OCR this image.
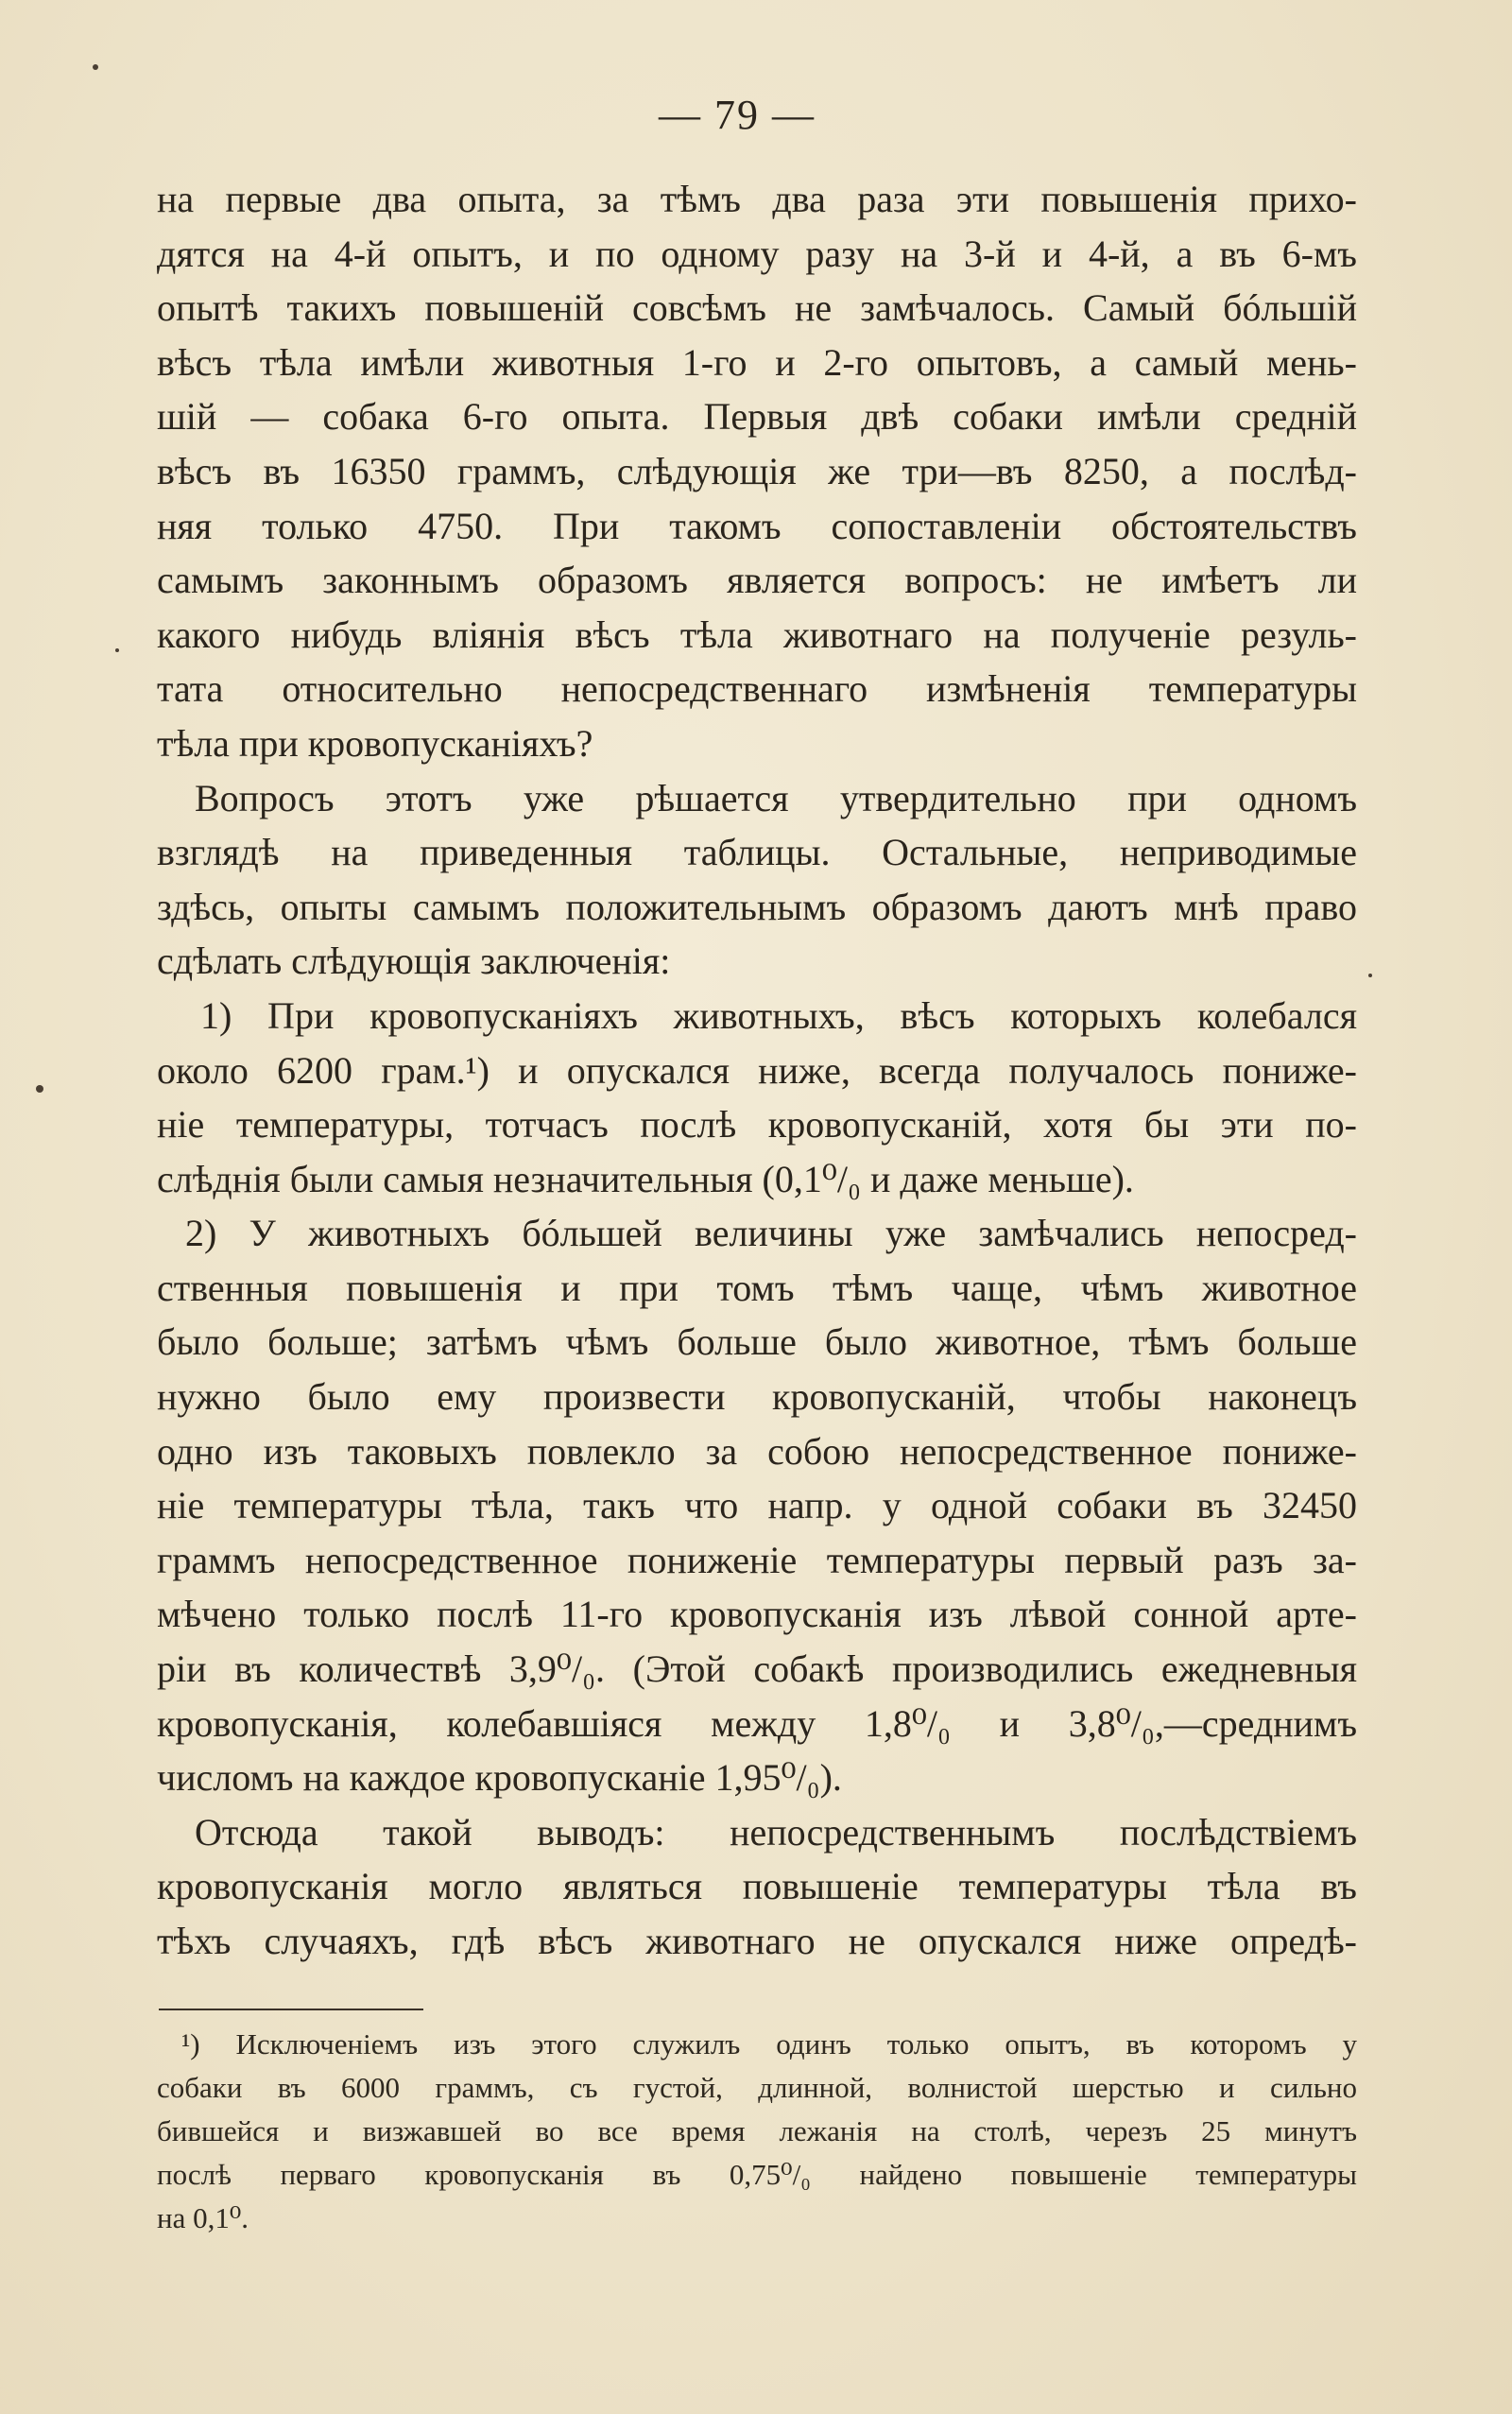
— 79 —
на первые два опыта, за тѣмъ два раза эти повышенія прихо-
дятся на 4-й опытъ, и по одному разу на 3-й и 4-й, а въ 6-мъ
опытѣ такихъ повышеній совсѣмъ не замѣчалось. Самый бóльшій
вѣсъ тѣла имѣли животныя 1-го и 2-го опытовъ, а самый мень-
шій — собака 6-го опыта. Первыя двѣ собаки имѣли средній
вѣсъ въ 16350 граммъ, слѣдующія же три—въ 8250, а послѣд-
няя только 4750. При такомъ сопоставленіи обстоятельствъ
самымъ законнымъ образомъ является вопросъ: не имѣетъ ли
какого нибудь вліянія вѣсъ тѣла животнаго на полученіе резуль-
тата относительно непосредственнаго измѣненія температуры
тѣла при кровопусканіяхъ?
Вопросъ этотъ уже рѣшается утвердительно при одномъ
взглядѣ на приведенныя таблицы. Остальные, неприводимые
здѣсь, опыты самымъ положительнымъ образомъ даютъ мнѣ право
сдѣлать слѣдующія заключенія:
1) При кровопусканіяхъ животныхъ, вѣсъ которыхъ колебался
около 6200 грам.¹) и опускался ниже, всегда получалось пониже-
ніе температуры, тотчасъ послѣ кровопусканій, хотя бы эти по-
слѣднія были самыя незначительныя (0,1⁰/₀ и даже меньше).
2) У животныхъ бóльшей величины уже замѣчались непосред-
ственныя повышенія и при томъ тѣмъ чаще, чѣмъ животное
было больше; затѣмъ чѣмъ больше было животное, тѣмъ больше
нужно было ему произвести кровопусканій, чтобы наконецъ
одно изъ таковыхъ повлекло за собою непосредственное пониже-
ніе температуры тѣла, такъ что напр. у одной собаки въ 32450
граммъ непосредственное пониженіе температуры первый разъ за-
мѣчено только послѣ 11-го кровопусканія изъ лѣвой сонной арте-
ріи въ количествѣ 3,9⁰/₀. (Этой собакѣ производились ежедневныя
кровопусканія, колебавшіяся между 1,8⁰/₀ и 3,8⁰/₀,—среднимъ
числомъ на каждое кровопусканіе 1,95⁰/₀).
Отсюда такой выводъ: непосредственнымъ послѣдствіемъ
кровопусканія могло являться повышеніе температуры тѣла въ
тѣхъ случаяхъ, гдѣ вѣсъ животнаго не опускался ниже опредѣ-
¹) Исключеніемъ изъ этого служилъ одинъ только опытъ, въ которомъ у
собаки въ 6000 граммъ, съ густой, длинной, волнистой шерстью и сильно
бившейся и визжавшей во все время лежанія на столѣ, черезъ 25 минутъ
послѣ перваго кровопусканія въ 0,75⁰/₀ найдено повышеніе температуры
на 0,1⁰.
